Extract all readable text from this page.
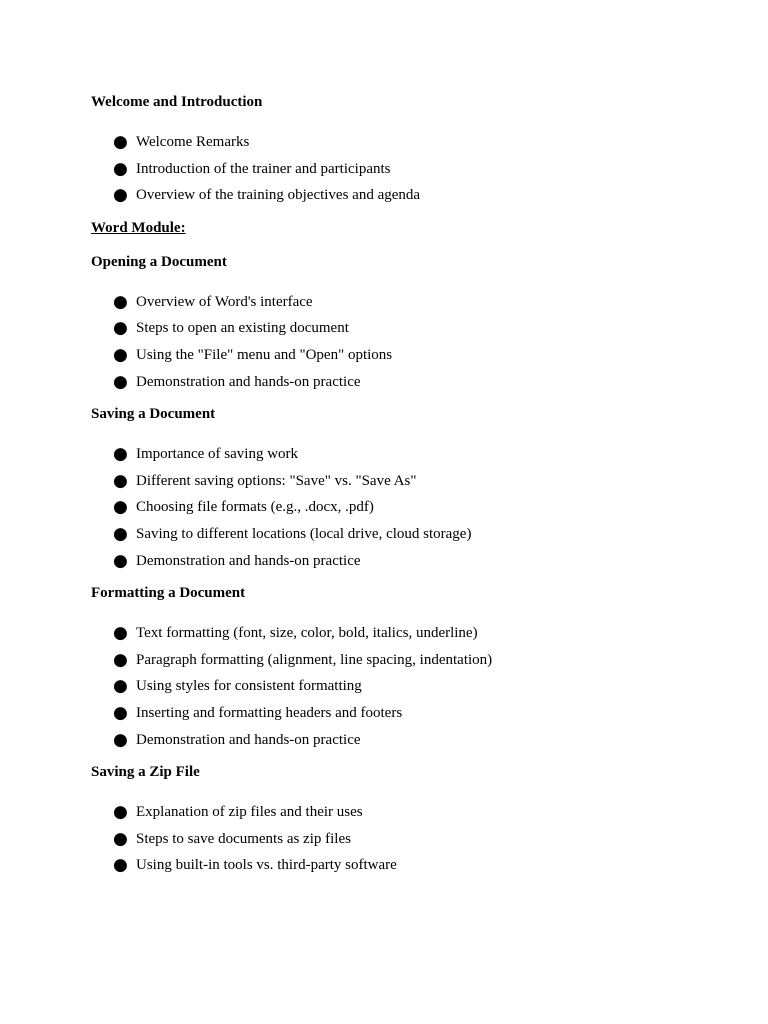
Welcome and Introduction

● Welcome Remarks
● Introduction of the trainer and participants
● Overview of the training objectives and agenda

Word Module:

Opening a Document

● Overview of Word's interface
● Steps to open an existing document
● Using the "File" menu and "Open" options
● Demonstration and hands-on practice

Saving a Document

● Importance of saving work
● Different saving options: "Save" vs. "Save As"
● Choosing file formats (e.g., .docx, .pdf)
● Saving to different locations (local drive, cloud storage)
● Demonstration and hands-on practice

Formatting a Document

● Text formatting (font, size, color, bold, italics, underline)
● Paragraph formatting (alignment, line spacing, indentation)
● Using styles for consistent formatting
● Inserting and formatting headers and footers
● Demonstration and hands-on practice

Saving a Zip File

● Explanation of zip files and their uses
● Steps to save documents as zip files
● Using built-in tools vs. third-party software
